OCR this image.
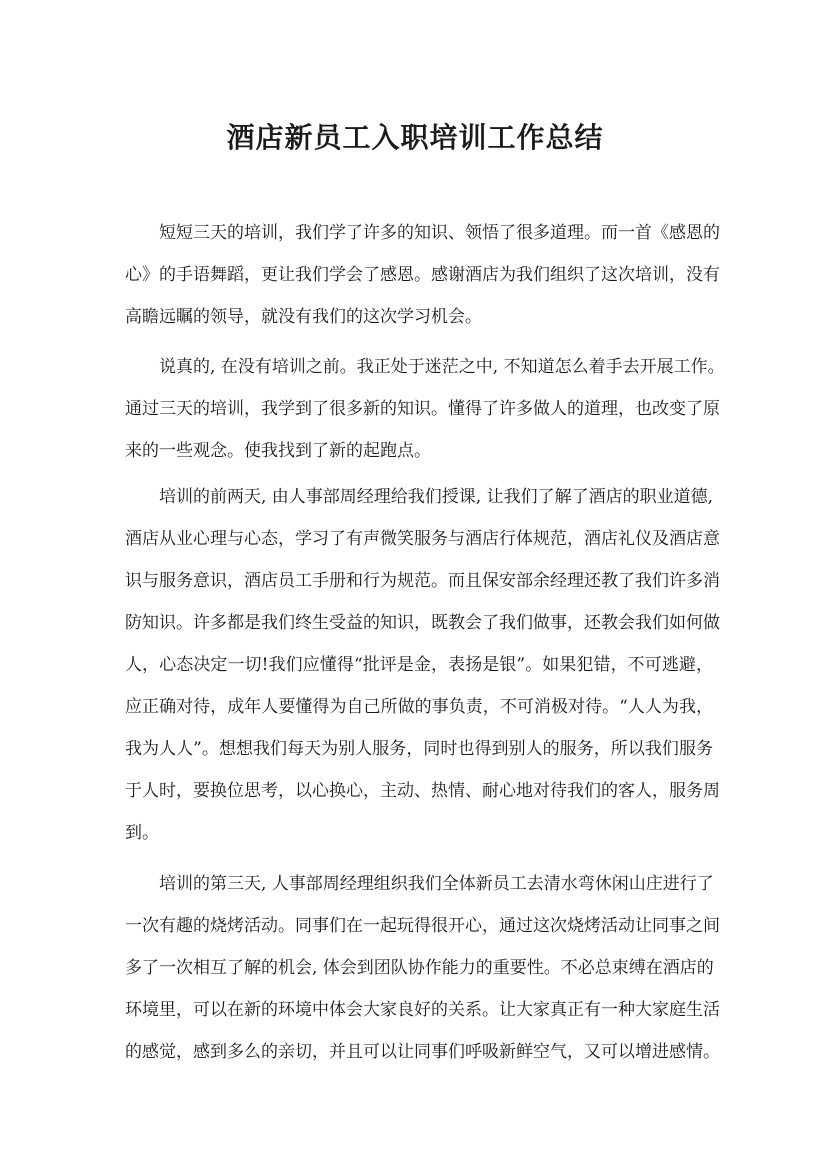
酒店新员工入职培训工作总结
短短三天的培训，我们学了许多的知识、领悟了很多道理。而一首《感恩的
心》的手语舞蹈，更让我们学会了感恩。感谢酒店为我们组织了这次培训，没有
高瞻远瞩的领导，就没有我们的这次学习机会。
说真的, 在没有培训之前。我正处于迷茫之中, 不知道怎么着手去开展工作。
通过三天的培训，我学到了很多新的知识。懂得了许多做人的道理，也改变了原
来的一些观念。使我找到了新的起跑点。
培训的前两天, 由人事部周经理给我们授课, 让我们了解了酒店的职业道德,
酒店从业心理与心态，学习了有声微笑服务与酒店行体规范，酒店礼仪及酒店意
识与服务意识，酒店员工手册和行为规范。而且保安部余经理还教了我们许多消
防知识。许多都是我们终生受益的知识，既教会了我们做事，还教会我们如何做
人，心态决定一切!我们应懂得“批评是金，表扬是银”。如果犯错，不可逃避，
应正确对待，成年人要懂得为自己所做的事负责，不可消极对待。“人人为我，
我为人人”。想想我们每天为别人服务，同时也得到别人的服务，所以我们服务
于人时，要换位思考，以心换心，主动、热情、耐心地对待我们的客人，服务周
到。
培训的第三天, 人事部周经理组织我们全体新员工去清水弯休闲山庄进行了
一次有趣的烧烤活动。同事们在一起玩得很开心，通过这次烧烤活动让同事之间
多了一次相互了解的机会, 体会到团队协作能力的重要性。不必总束缚在酒店的
环境里，可以在新的环境中体会大家良好的关系。让大家真正有一种大家庭生活
的感觉，感到多么的亲切，并且可以让同事们呼吸新鲜空气，又可以增进感情。
